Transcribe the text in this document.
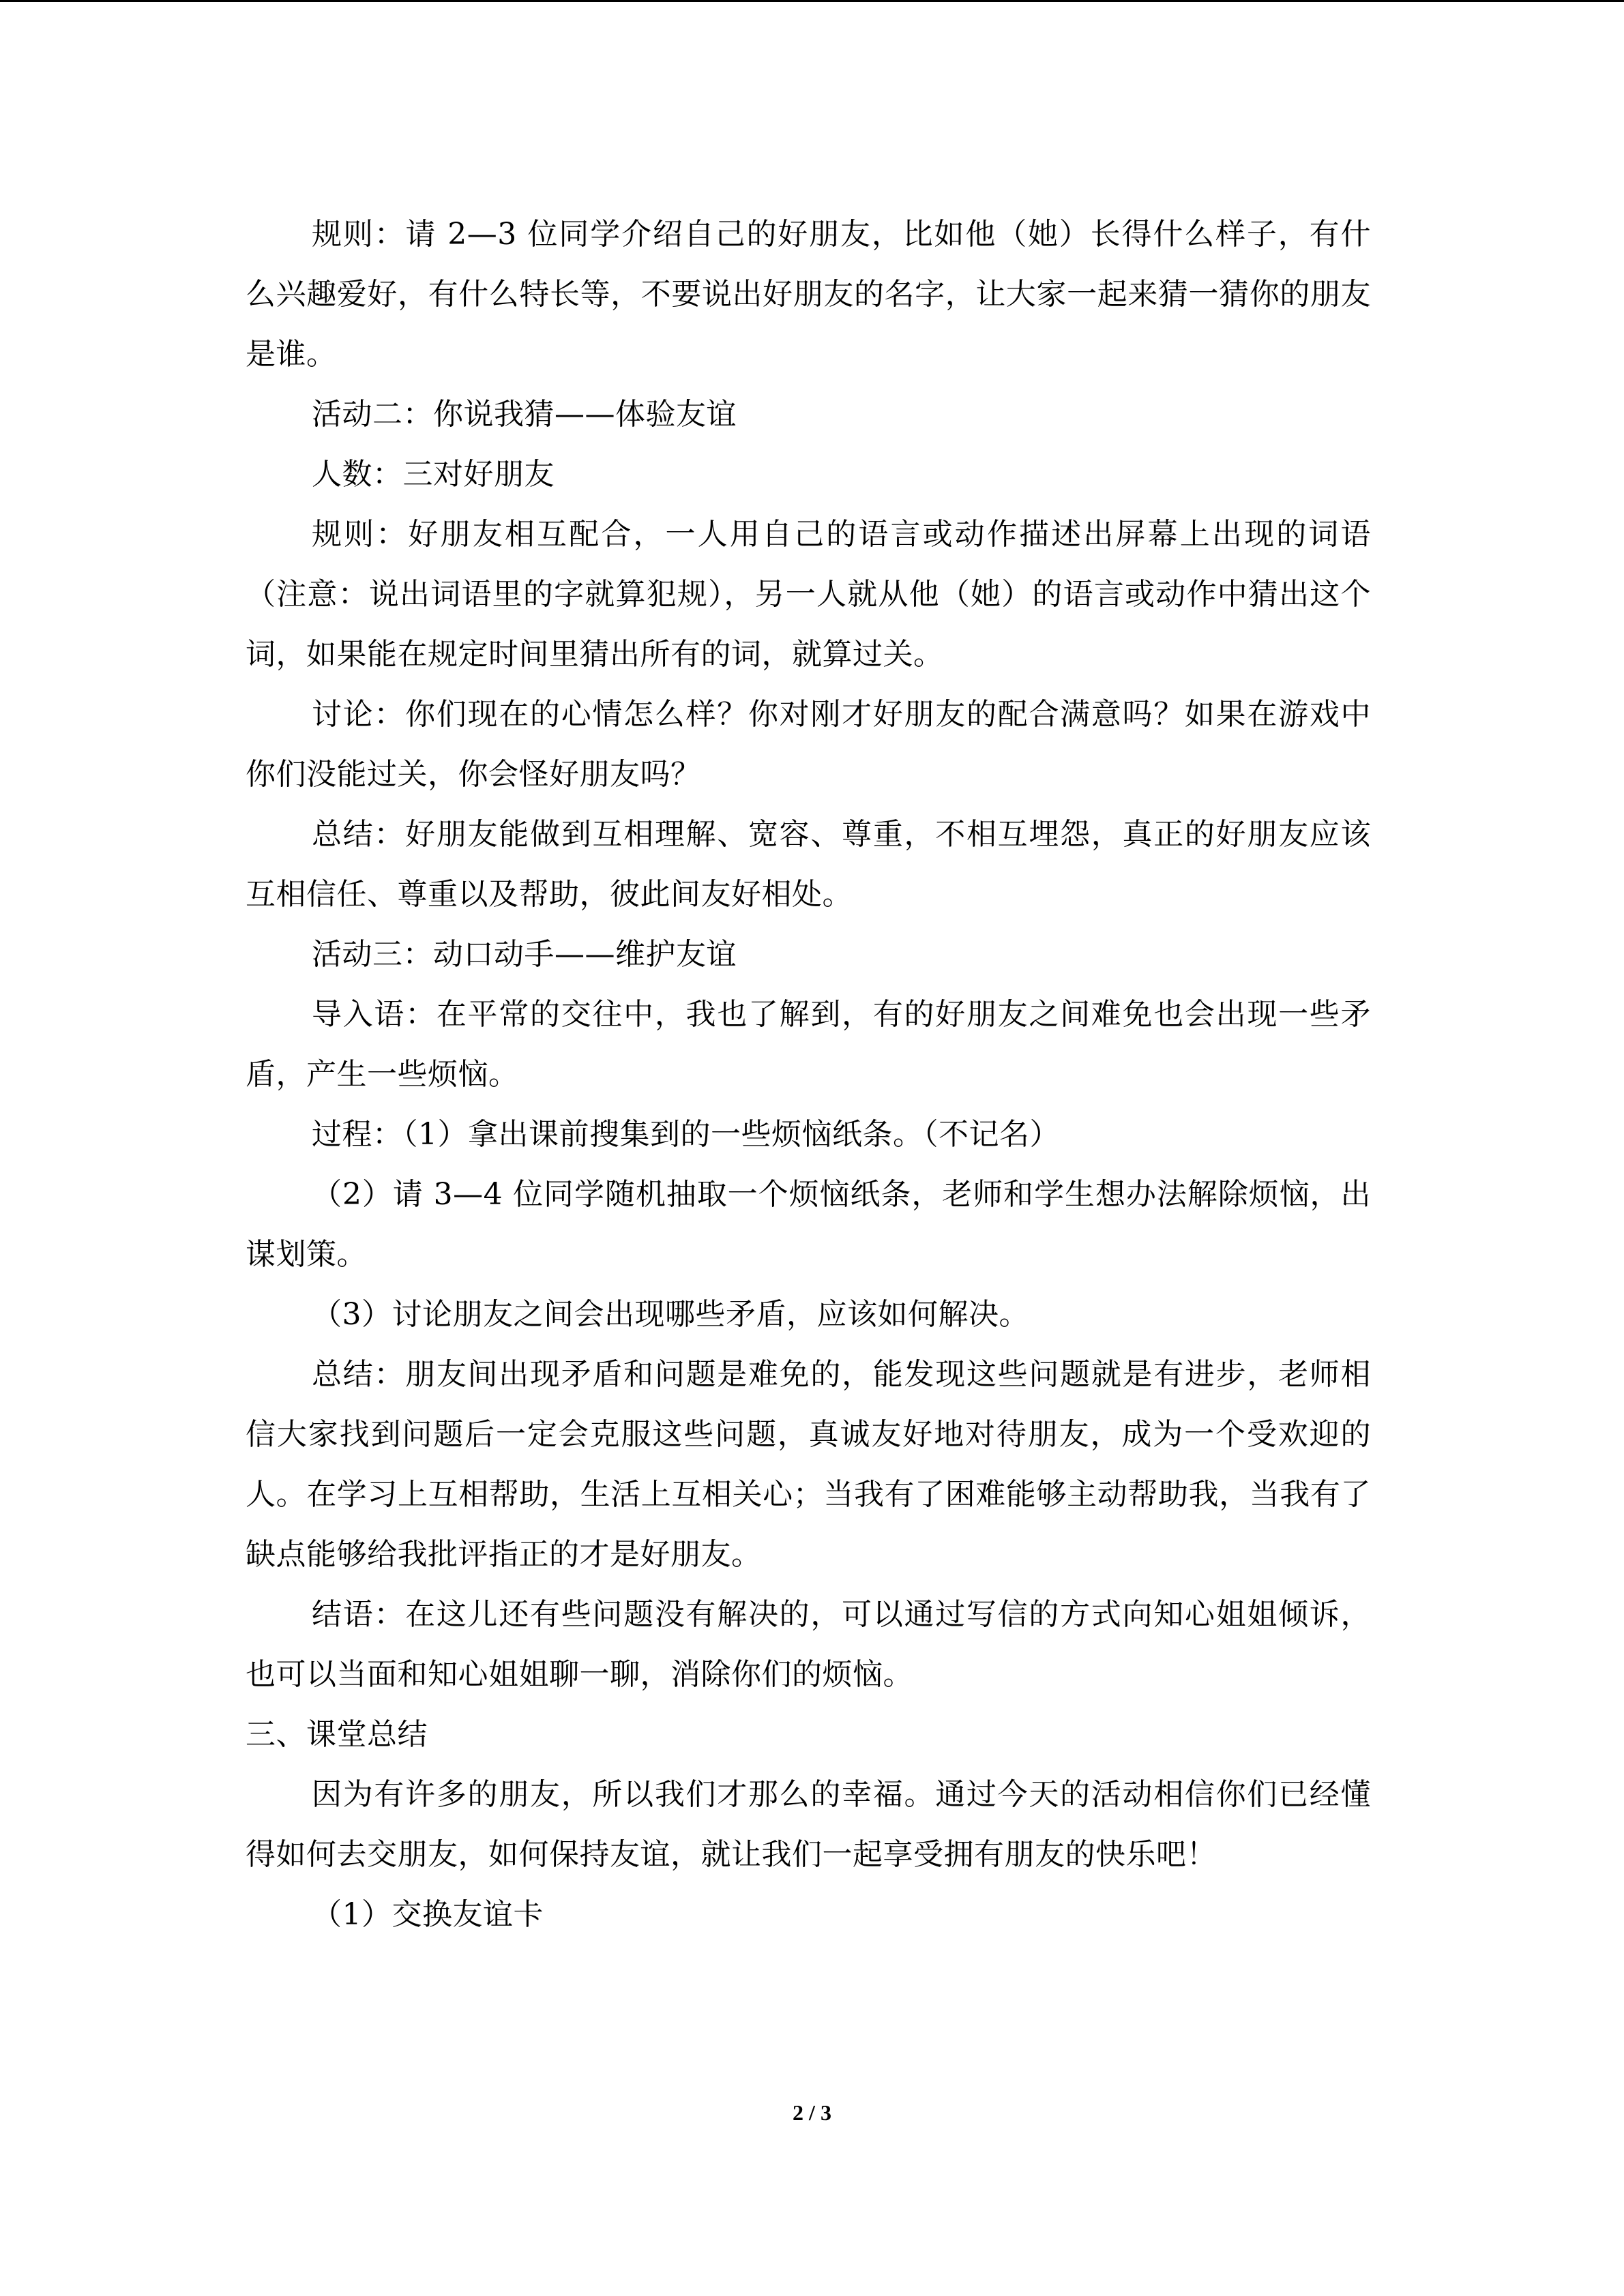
规则：请 2—3 位同学介绍自己的好朋友，比如他（她）长得什么样子，有什么兴趣爱好，有什么特长等，不要说出好朋友的名字，让大家一起来猜一猜你的朋友是谁。

活动二：你说我猜——体验友谊

人数：三对好朋友

规则：好朋友相互配合，一人用自己的语言或动作描述出屏幕上出现的词语（注意：说出词语里的字就算犯规），另一人就从他（她）的语言或动作中猜出这个词，如果能在规定时间里猜出所有的词，就算过关。

讨论：你们现在的心情怎么样？你对刚才好朋友的配合满意吗？如果在游戏中你们没能过关，你会怪好朋友吗？

总结：好朋友能做到互相理解、宽容、尊重，不相互埋怨，真正的好朋友应该互相信任、尊重以及帮助，彼此间友好相处。

活动三：动口动手——维护友谊

导入语：在平常的交往中，我也了解到，有的好朋友之间难免也会出现一些矛盾，产生一些烦恼。

过程：（1）拿出课前搜集到的一些烦恼纸条。（不记名）

（2）请 3—4 位同学随机抽取一个烦恼纸条，老师和学生想办法解除烦恼，出谋划策。

（3）讨论朋友之间会出现哪些矛盾，应该如何解决。

总结：朋友间出现矛盾和问题是难免的，能发现这些问题就是有进步，老师相信大家找到问题后一定会克服这些问题，真诚友好地对待朋友，成为一个受欢迎的人。在学习上互相帮助，生活上互相关心；当我有了困难能够主动帮助我，当我有了缺点能够给我批评指正的才是好朋友。

结语：在这儿还有些问题没有解决的，可以通过写信的方式向知心姐姐倾诉，也可以当面和知心姐姐聊一聊，消除你们的烦恼。

三、课堂总结

因为有许多的朋友，所以我们才那么的幸福。通过今天的活动相信你们已经懂得如何去交朋友，如何保持友谊，就让我们一起享受拥有朋友的快乐吧！

（1）交换友谊卡

2 / 3
